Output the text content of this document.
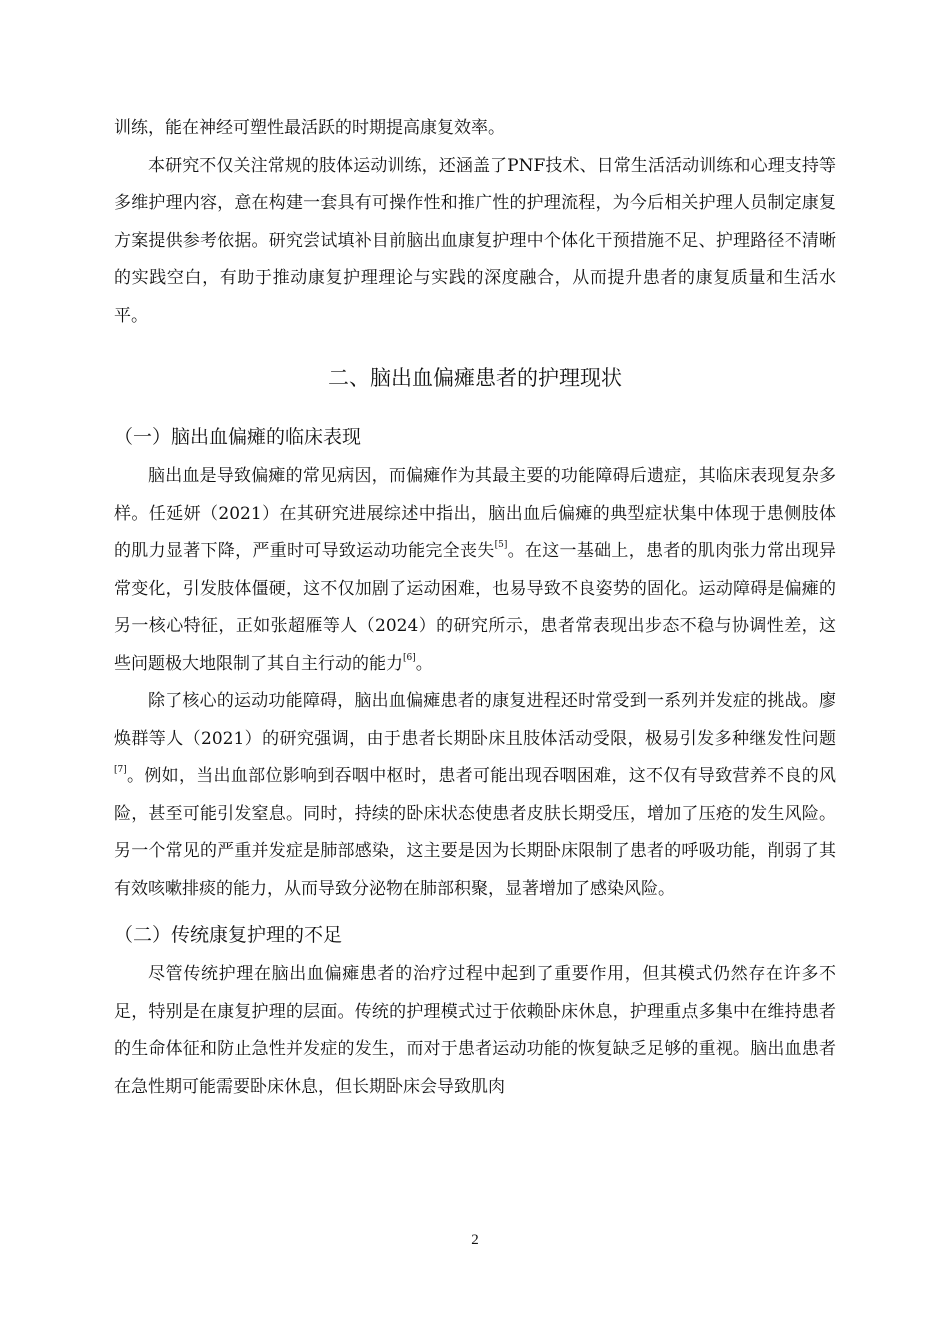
训练，能在神经可塑性最活跃的时期提高康复效率。

本研究不仅关注常规的肢体运动训练，还涵盖了PNF技术、日常生活活动训练和心理支持等多维护理内容，意在构建一套具有可操作性和推广性的护理流程，为今后相关护理人员制定康复方案提供参考依据。研究尝试填补目前脑出血康复护理中个体化干预措施不足、护理路径不清晰的实践空白，有助于推动康复护理理论与实践的深度融合，从而提升患者的康复质量和生活水平。

二、脑出血偏瘫患者的护理现状
（一）脑出血偏瘫的临床表现

脑出血是导致偏瘫的常见病因，而偏瘫作为其最主要的功能障碍后遗症，其临床表现复杂多样。任延妍（2021）在其研究进展综述中指出，脑出血后偏瘫的典型症状集中体现于患侧肢体的肌力显著下降，严重时可导致运动功能完全丧失[5]。在这一基础上，患者的肌肉张力常出现异常变化，引发肢体僵硬，这不仅加剧了运动困难，也易导致不良姿势的固化。运动障碍是偏瘫的另一核心特征，正如张超雁等人（2024）的研究所示，患者常表现出步态不稳与协调性差，这些问题极大地限制了其自主行动的能力[6]。

除了核心的运动功能障碍，脑出血偏瘫患者的康复进程还时常受到一系列并发症的挑战。廖焕群等人（2021）的研究强调，由于患者长期卧床且肢体活动受限，极易引发多种继发性问题[7]。例如，当出血部位影响到吞咽中枢时，患者可能出现吞咽困难，这不仅有导致营养不良的风险，甚至可能引发窒息。同时，持续的卧床状态使患者皮肤长期受压，增加了压疮的发生风险。另一个常见的严重并发症是肺部感染，这主要是因为长期卧床限制了患者的呼吸功能，削弱了其有效咳嗽排痰的能力，从而导致分泌物在肺部积聚，显著增加了感染风险。

（二）传统康复护理的不足

尽管传统护理在脑出血偏瘫患者的治疗过程中起到了重要作用，但其模式仍然存在许多不足，特别是在康复护理的层面。传统的护理模式过于依赖卧床休息，护理重点多集中在维持患者的生命体征和防止急性并发症的发生，而对于患者运动功能的恢复缺乏足够的重视。脑出血患者在急性期可能需要卧床休息，但长期卧床会导致肌肉

2
